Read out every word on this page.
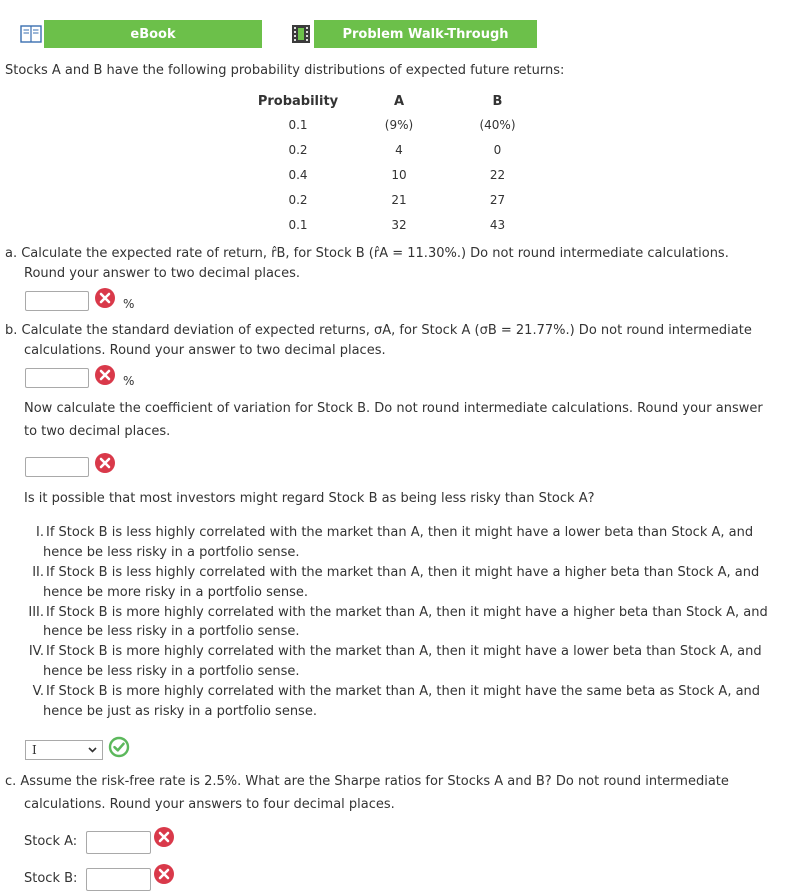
eBook	Problem Walk-Through
Stocks A and B have the following probability distributions of expected future returns:
Probability	A	B
0.1	(9%)	(40%)
0.2	4	0
0.4	10	22
0.2	21	27
0.1	32	43
a. Calculate the expected rate of return, r̂B, for Stock B (r̂A = 11.30%.) Do not round intermediate calculations.
Round your answer to two decimal places.
%
b. Calculate the standard deviation of expected returns, σA, for Stock A (σB = 21.77%.) Do not round intermediate
calculations. Round your answer to two decimal places.
%
Now calculate the coefficient of variation for Stock B. Do not round intermediate calculations. Round your answer
to two decimal places.
Is it possible that most investors might regard Stock B as being less risky than Stock A?
I. If Stock B is less highly correlated with the market than A, then it might have a lower beta than Stock A, and
hence be less risky in a portfolio sense.
II. If Stock B is less highly correlated with the market than A, then it might have a higher beta than Stock A, and
hence be more risky in a portfolio sense.
III. If Stock B is more highly correlated with the market than A, then it might have a higher beta than Stock A, and
hence be less risky in a portfolio sense.
IV. If Stock B is more highly correlated with the market than A, then it might have a lower beta than Stock A, and
hence be less risky in a portfolio sense.
V. If Stock B is more highly correlated with the market than A, then it might have the same beta as Stock A, and
hence be just as risky in a portfolio sense.
I
c. Assume the risk-free rate is 2.5%. What are the Sharpe ratios for Stocks A and B? Do not round intermediate
calculations. Round your answers to four decimal places.
Stock A:
Stock B:
